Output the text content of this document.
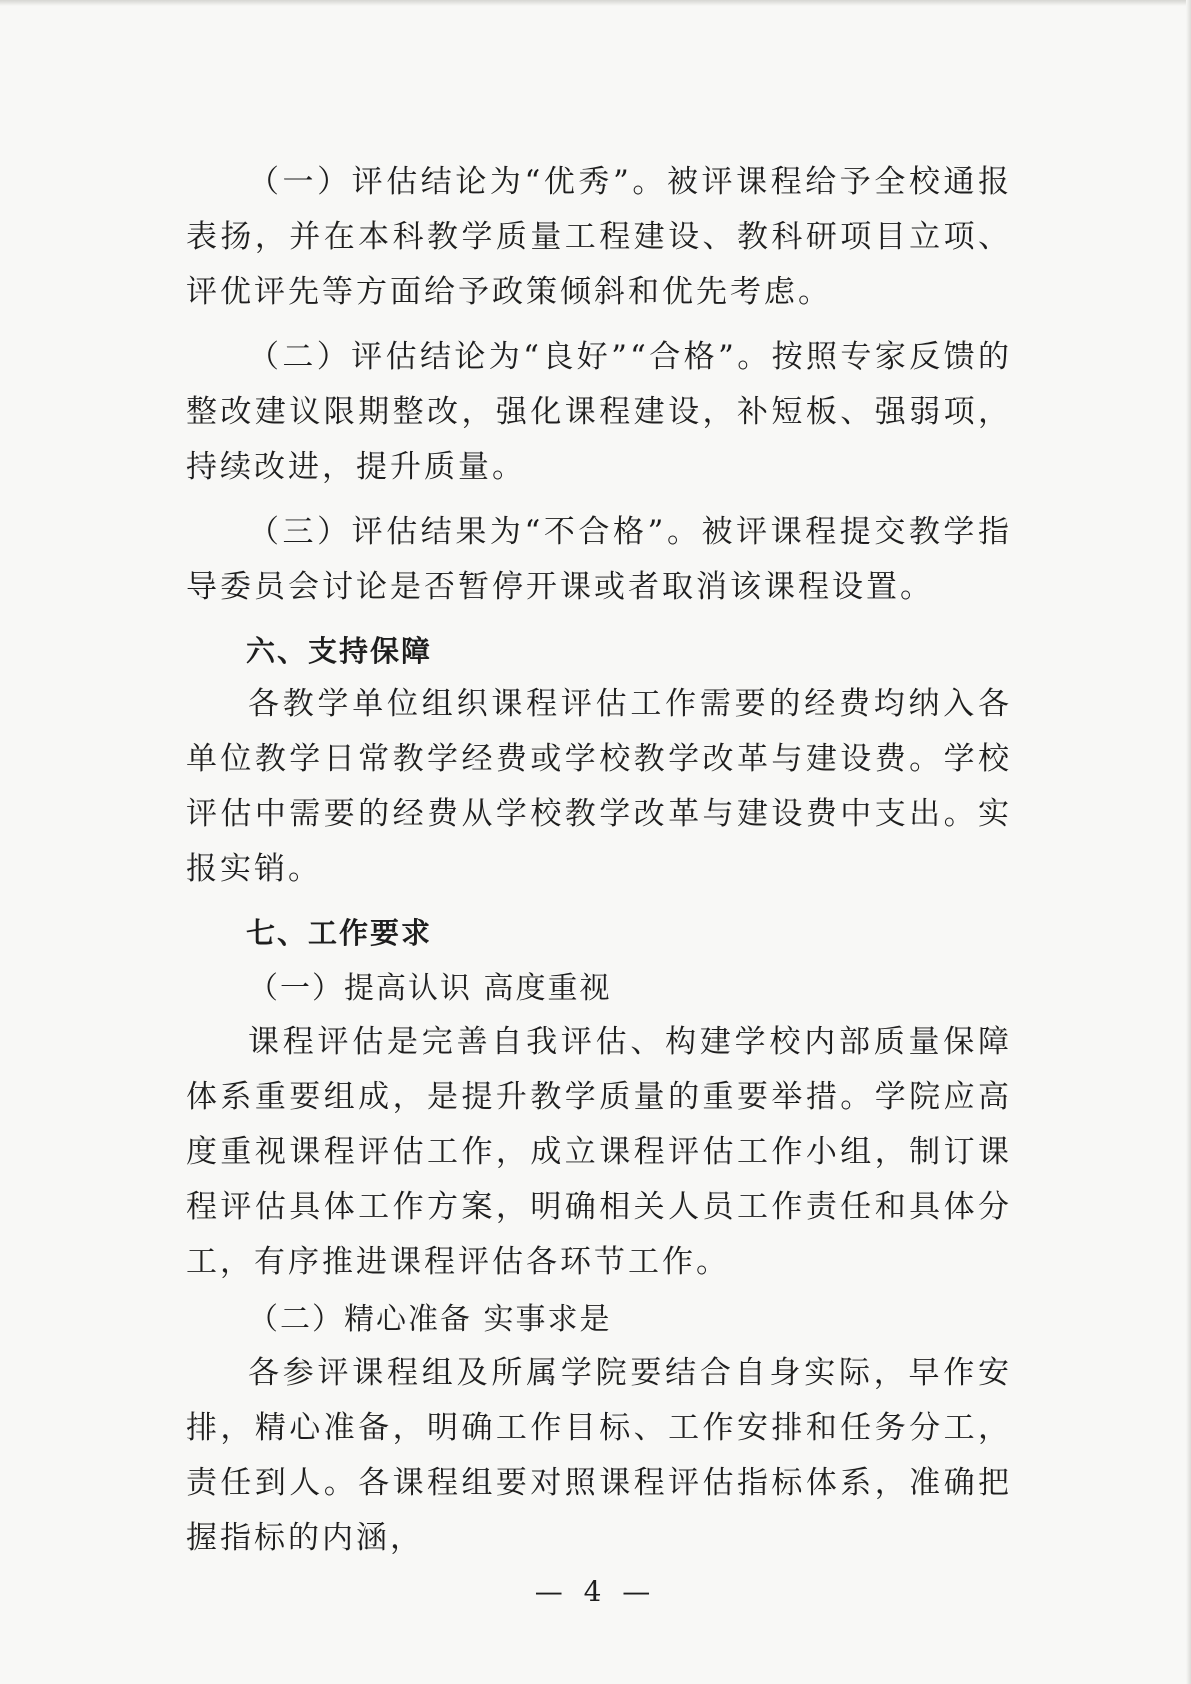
（一）评估结论为“优秀”。被评课程给予全校通报表扬，并在本科教学质量工程建设、教科研项目立项、评优评先等方面给予政策倾斜和优先考虑。

（二）评估结论为“良好”“合格”。按照专家反馈的整改建议限期整改，强化课程建设，补短板、强弱项，持续改进，提升质量。

（三）评估结果为“不合格”。被评课程提交教学指导委员会讨论是否暂停开课或者取消该课程设置。

六、支持保障

各教学单位组织课程评估工作需要的经费均纳入各单位教学日常教学经费或学校教学改革与建设费。学校评估中需要的经费从学校教学改革与建设费中支出。实报实销。

七、工作要求

（一）提高认识 高度重视

课程评估是完善自我评估、构建学校内部质量保障体系重要组成，是提升教学质量的重要举措。学院应高度重视课程评估工作，成立课程评估工作小组，制订课程评估具体工作方案，明确相关人员工作责任和具体分工，有序推进课程评估各环节工作。

（二）精心准备 实事求是

各参评课程组及所属学院要结合自身实际，早作安排，精心准备，明确工作目标、工作安排和任务分工，责任到人。各课程组要对照课程评估指标体系，准确把握指标的内涵，

— 4 —
